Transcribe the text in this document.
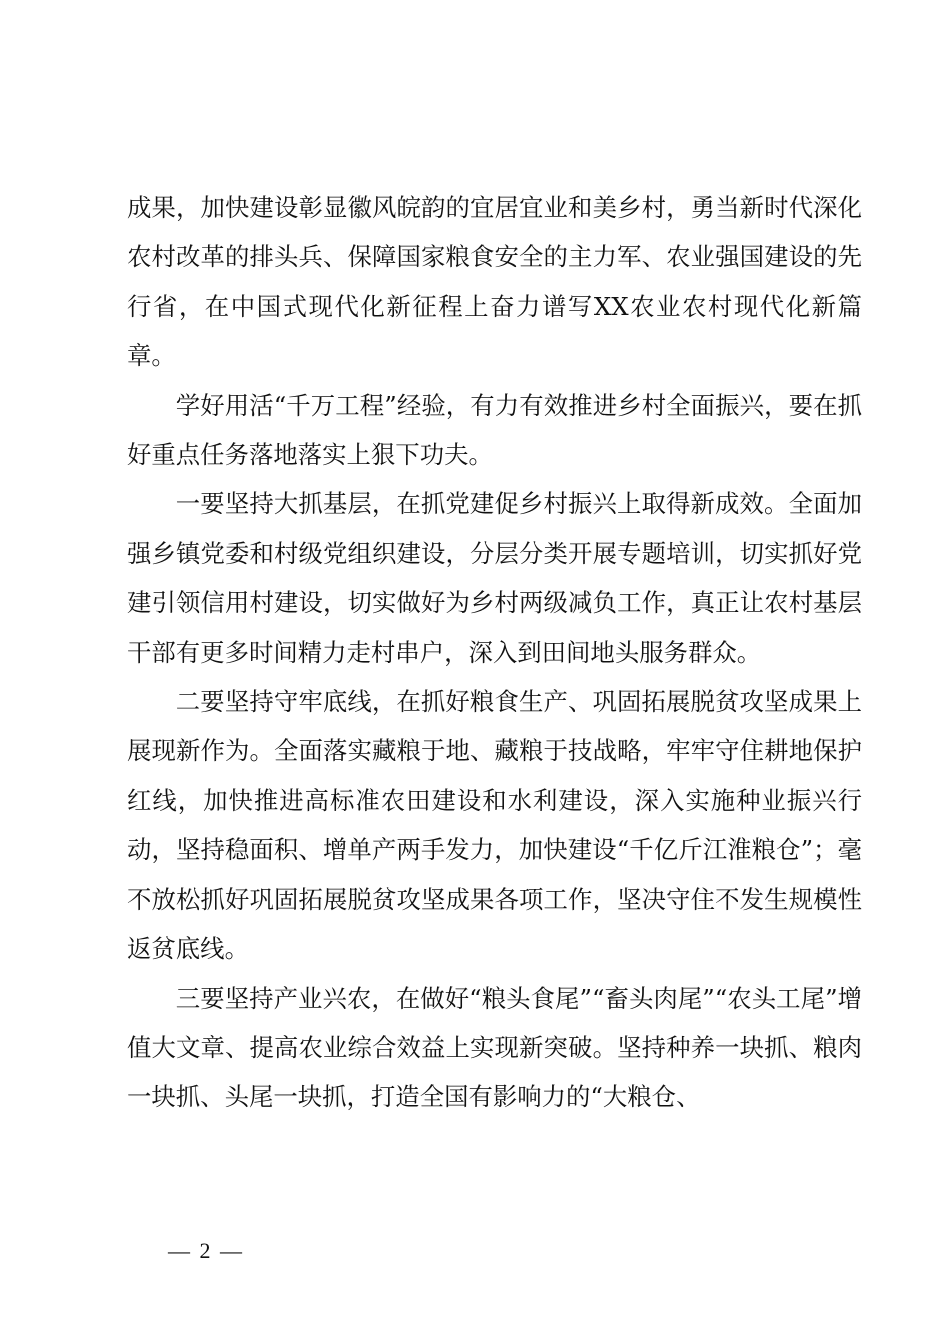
成果，加快建设彰显徽风皖韵的宜居宜业和美乡村，勇当新时代深化农村改革的排头兵、保障国家粮食安全的主力军、农业强国建设的先行省，在中国式现代化新征程上奋力谱写XX农业农村现代化新篇章。

学好用活“千万工程”经验，有力有效推进乡村全面振兴，要在抓好重点任务落地落实上狠下功夫。

一要坚持大抓基层，在抓党建促乡村振兴上取得新成效。全面加强乡镇党委和村级党组织建设，分层分类开展专题培训，切实抓好党建引领信用村建设，切实做好为乡村两级减负工作，真正让农村基层干部有更多时间精力走村串户，深入到田间地头服务群众。

二要坚持守牢底线，在抓好粮食生产、巩固拓展脱贫攻坚成果上展现新作为。全面落实藏粮于地、藏粮于技战略，牢牢守住耕地保护红线，加快推进高标准农田建设和水利建设，深入实施种业振兴行动，坚持稳面积、增单产两手发力，加快建设“千亿斤江淮粮仓”；毫不放松抓好巩固拓展脱贫攻坚成果各项工作，坚决守住不发生规模性返贫底线。

三要坚持产业兴农，在做好“粮头食尾”“畜头肉尾”“农头工尾”增值大文章、提高农业综合效益上实现新突破。坚持种养一块抓、粮肉一块抓、头尾一块抓，打造全国有影响力的“大粮仓、

— 2 —
